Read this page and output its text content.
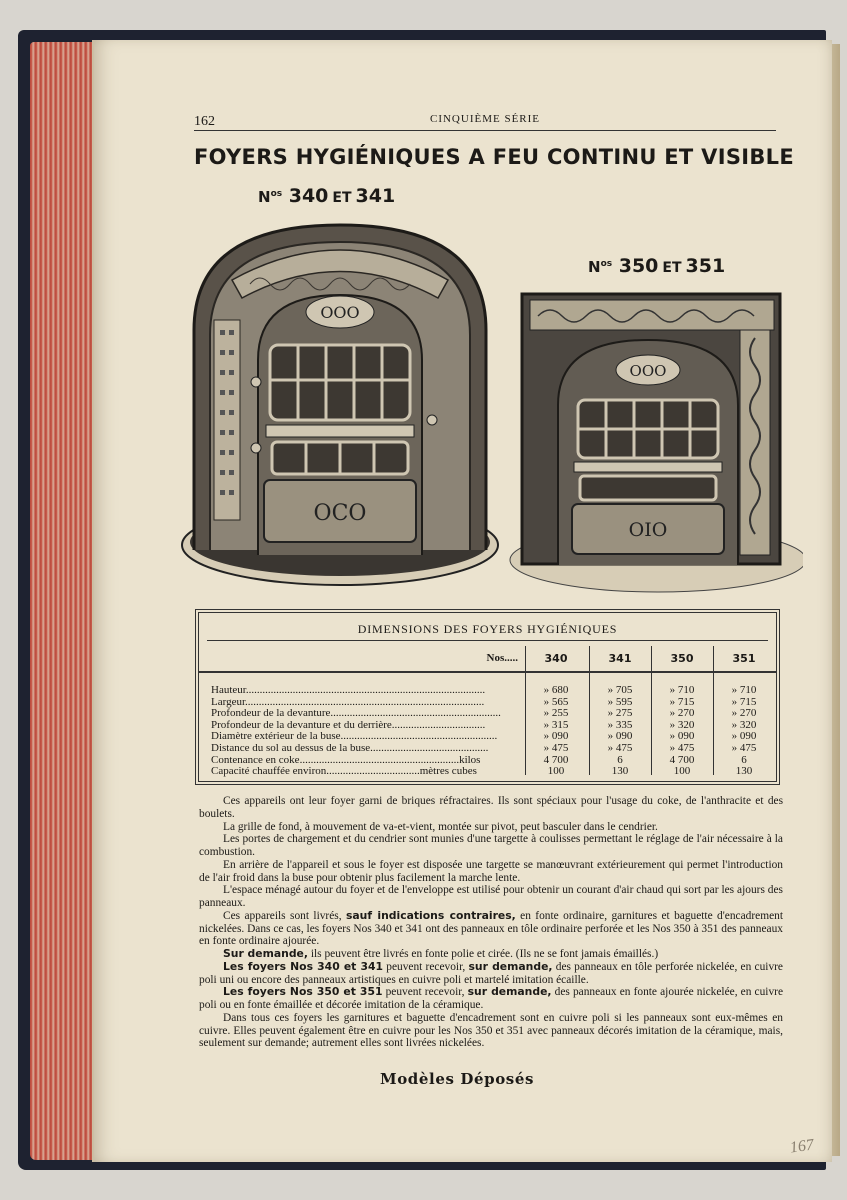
162	CINQUIÈME SÉRIE
FOYERS HYGIÉNIQUES A FEU CONTINU ET VISIBLE
$N^{os}$ 340 ET 341
$N^{os}$ 350 ET 351
OOO
OCO
OOO
OIO
DIMENSIONS DES FOYERS HYGIÉNIQUES
Nos.....	340	341	350	351
Hauteur.......................................................................................	» 680	» 705	» 710	» 710
Largeur.......................................................................................	» 565	» 595	» 715	» 715
Profondeur de la devanture..............................................................	» 255	» 275	» 270	» 270
Profondeur de la devanture et du derrière..................................	» 315	» 335	» 320	» 320
Diamètre extérieur de la buse.........................................................	» 090	» 090	» 090	» 090
Distance du sol au dessus de la buse...........................................	» 475	» 475	» 475	» 475
Contenance en coke..........................................................kilos	4 700	6	4 700	6
Capacité chauffée environ..................................mètres cubes	100	130	100	130

Ces appareils ont leur foyer garni de briques réfractaires. Ils sont spéciaux pour l'usage du coke, de l'anthracite et des boulets.

La grille de fond, à mouvement de va-et-vient, montée sur pivot, peut basculer dans le cendrier.

Les portes de chargement et du cendrier sont munies d'une targette à coulisses permettant le réglage de l'air nécessaire à la combustion.

En arrière de l'appareil et sous le foyer est disposée une targette se manœuvrant extérieurement qui permet l'introduction de l'air froid dans la buse pour obtenir plus facilement la marche lente.

L'espace ménagé autour du foyer et de l'enveloppe est utilisé pour obtenir un courant d'air chaud qui sort par les ajours des panneaux.

Ces appareils sont livrés, sauf indications contraires, en fonte ordinaire, garnitures et baguette d'encadrement nickelées. Dans ce cas, les foyers Nos 340 et 341 ont des panneaux en tôle ordinaire perforée et les Nos 350 à 351 des panneaux en fonte ordinaire ajourée.

Sur demande, ils peuvent être livrés en fonte polie et cirée. (Ils ne se font jamais émaillés.)

Les foyers Nos 340 et 341 peuvent recevoir, sur demande, des panneaux en tôle perforée nickelée, en cuivre poli uni ou encore des panneaux artistiques en cuivre poli et martelé imitation écaille.

Les foyers Nos 350 et 351 peuvent recevoir, sur demande, des panneaux en fonte ajourée nickelée, en cuivre poli ou en fonte émaillée et décorée imitation de la céramique.

Dans tous ces foyers les garnitures et baguette d'encadrement sont en cuivre poli si les panneaux sont eux-mêmes en cuivre. Elles peuvent également être en cuivre pour les Nos 350 et 351 avec panneaux décorés imitation de la céramique, mais, seulement sur demande; autrement elles sont livrées nickelées.

Modèles Déposés
167
